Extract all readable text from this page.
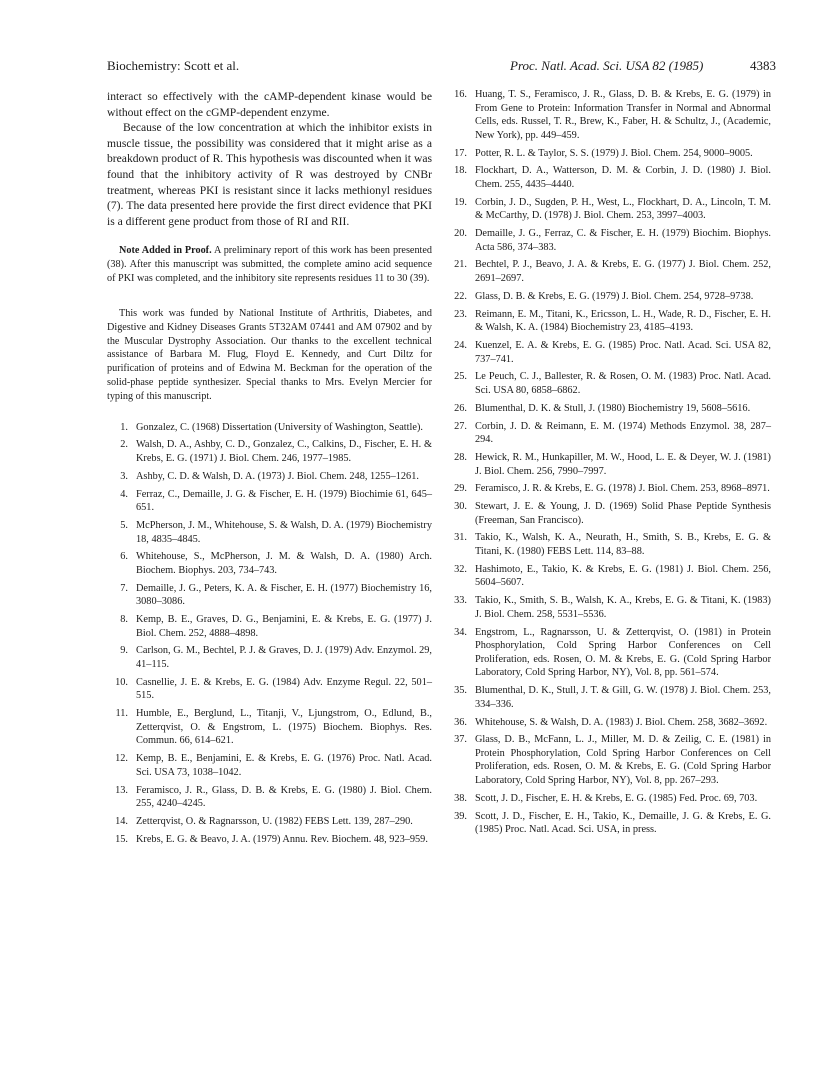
Biochemistry: Scott et al.	Proc. Natl. Acad. Sci. USA 82 (1985)	4383

interact so effectively with the cAMP-dependent kinase would be without effect on the cGMP-dependent enzyme.

Because of the low concentration at which the inhibitor exists in muscle tissue, the possibility was considered that it might arise as a breakdown product of R. This hypothesis was discounted when it was found that the inhibitory activity of R was destroyed by CNBr treatment, whereas PKI is resistant since it lacks methionyl residues (7). The data presented here provide the first direct evidence that PKI is a different gene product from those of RI and RII.

Note Added in Proof. A preliminary report of this work has been presented (38). After this manuscript was submitted, the complete amino acid sequence of PKI was completed, and the inhibitory site represents residues 11 to 30 (39).

This work was funded by National Institute of Arthritis, Diabetes, and Digestive and Kidney Diseases Grants 5T32AM 07441 and AM 07902 and by the Muscular Dystrophy Association. Our thanks to the excellent technical assistance of Barbara M. Flug, Floyd E. Kennedy, and Curt Diltz for purification of proteins and of Edwina M. Beckman for the operation of the solid-phase peptide synthesizer. Special thanks to Mrs. Evelyn Mercier for typing of this manuscript.

1. Gonzalez, C. (1968) Dissertation (University of Washington, Seattle).
2. Walsh, D. A., Ashby, C. D., Gonzalez, C., Calkins, D., Fischer, E. H. & Krebs, E. G. (1971) J. Biol. Chem. 246, 1977–1985.
3. Ashby, C. D. & Walsh, D. A. (1973) J. Biol. Chem. 248, 1255–1261.
4. Ferraz, C., Demaille, J. G. & Fischer, E. H. (1979) Biochimie 61, 645–651.
5. McPherson, J. M., Whitehouse, S. & Walsh, D. A. (1979) Biochemistry 18, 4835–4845.
6. Whitehouse, S., McPherson, J. M. & Walsh, D. A. (1980) Arch. Biochem. Biophys. 203, 734–743.
7. Demaille, J. G., Peters, K. A. & Fischer, E. H. (1977) Biochemistry 16, 3080–3086.
8. Kemp, B. E., Graves, D. G., Benjamini, E. & Krebs, E. G. (1977) J. Biol. Chem. 252, 4888–4898.
9. Carlson, G. M., Bechtel, P. J. & Graves, D. J. (1979) Adv. Enzymol. 29, 41–115.
10. Casnellie, J. E. & Krebs, E. G. (1984) Adv. Enzyme Regul. 22, 501–515.
11. Humble, E., Berglund, L., Titanji, V., Ljungstrom, O., Edlund, B., Zetterqvist, O. & Engstrom, L. (1975) Biochem. Biophys. Res. Commun. 66, 614–621.
12. Kemp, B. E., Benjamini, E. & Krebs, E. G. (1976) Proc. Natl. Acad. Sci. USA 73, 1038–1042.
13. Feramisco, J. R., Glass, D. B. & Krebs, E. G. (1980) J. Biol. Chem. 255, 4240–4245.
14. Zetterqvist, O. & Ragnarsson, U. (1982) FEBS Lett. 139, 287–290.
15. Krebs, E. G. & Beavo, J. A. (1979) Annu. Rev. Biochem. 48, 923–959.
16. Huang, T. S., Feramisco, J. R., Glass, D. B. & Krebs, E. G. (1979) in From Gene to Protein: Information Transfer in Normal and Abnormal Cells, eds. Russel, T. R., Brew, K., Faber, H. & Schultz, J., (Academic, New York), pp. 449–459.
17. Potter, R. L. & Taylor, S. S. (1979) J. Biol. Chem. 254, 9000–9005.
18. Flockhart, D. A., Watterson, D. M. & Corbin, J. D. (1980) J. Biol. Chem. 255, 4435–4440.
19. Corbin, J. D., Sugden, P. H., West, L., Flockhart, D. A., Lincoln, T. M. & McCarthy, D. (1978) J. Biol. Chem. 253, 3997–4003.
20. Demaille, J. G., Ferraz, C. & Fischer, E. H. (1979) Biochim. Biophys. Acta 586, 374–383.
21. Bechtel, P. J., Beavo, J. A. & Krebs, E. G. (1977) J. Biol. Chem. 252, 2691–2697.
22. Glass, D. B. & Krebs, E. G. (1979) J. Biol. Chem. 254, 9728–9738.
23. Reimann, E. M., Titani, K., Ericsson, L. H., Wade, R. D., Fischer, E. H. & Walsh, K. A. (1984) Biochemistry 23, 4185–4193.
24. Kuenzel, E. A. & Krebs, E. G. (1985) Proc. Natl. Acad. Sci. USA 82, 737–741.
25. Le Peuch, C. J., Ballester, R. & Rosen, O. M. (1983) Proc. Natl. Acad. Sci. USA 80, 6858–6862.
26. Blumenthal, D. K. & Stull, J. (1980) Biochemistry 19, 5608–5616.
27. Corbin, J. D. & Reimann, E. M. (1974) Methods Enzymol. 38, 287–294.
28. Hewick, R. M., Hunkapiller, M. W., Hood, L. E. & Deyer, W. J. (1981) J. Biol. Chem. 256, 7990–7997.
29. Feramisco, J. R. & Krebs, E. G. (1978) J. Biol. Chem. 253, 8968–8971.
30. Stewart, J. E. & Young, J. D. (1969) Solid Phase Peptide Synthesis (Freeman, San Francisco).
31. Takio, K., Walsh, K. A., Neurath, H., Smith, S. B., Krebs, E. G. & Titani, K. (1980) FEBS Lett. 114, 83–88.
32. Hashimoto, E., Takio, K. & Krebs, E. G. (1981) J. Biol. Chem. 256, 5604–5607.
33. Takio, K., Smith, S. B., Walsh, K. A., Krebs, E. G. & Titani, K. (1983) J. Biol. Chem. 258, 5531–5536.
34. Engstrom, L., Ragnarsson, U. & Zetterqvist, O. (1981) in Protein Phosphorylation, Cold Spring Harbor Conferences on Cell Proliferation, eds. Rosen, O. M. & Krebs, E. G. (Cold Spring Harbor Laboratory, Cold Spring Harbor, NY), Vol. 8, pp. 561–574.
35. Blumenthal, D. K., Stull, J. T. & Gill, G. W. (1978) J. Biol. Chem. 253, 334–336.
36. Whitehouse, S. & Walsh, D. A. (1983) J. Biol. Chem. 258, 3682–3692.
37. Glass, D. B., McFann, L. J., Miller, M. D. & Zeilig, C. E. (1981) in Protein Phosphorylation, Cold Spring Harbor Conferences on Cell Proliferation, eds. Rosen, O. M. & Krebs, E. G. (Cold Spring Harbor Laboratory, Cold Spring Harbor, NY), Vol. 8, pp. 267–293.
38. Scott, J. D., Fischer, E. H. & Krebs, E. G. (1985) Fed. Proc. 69, 703.
39. Scott, J. D., Fischer, E. H., Takio, K., Demaille, J. G. & Krebs, E. G. (1985) Proc. Natl. Acad. Sci. USA, in press.
